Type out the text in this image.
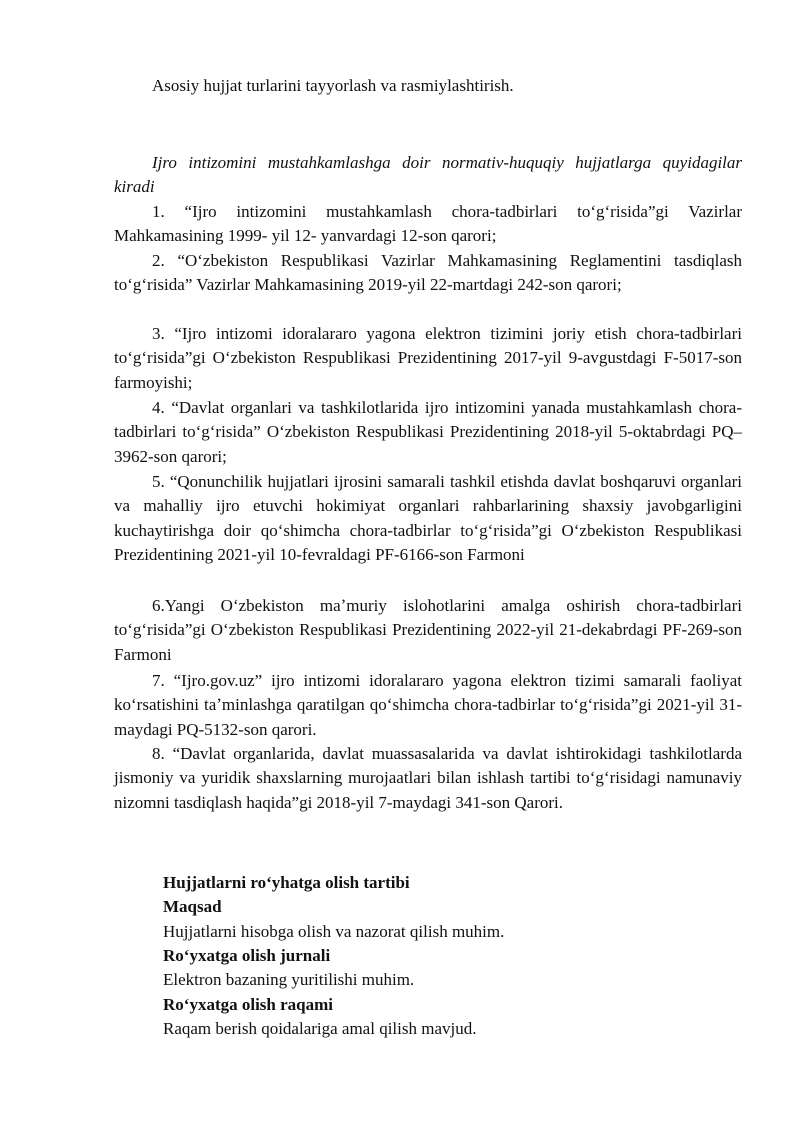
Asosiy hujjat turlarini tayyorlash va rasmiylashtirish.

Ijro intizomini mustahkamlashga doir normativ-huquqiy hujjatlarga quyidagilar kiradi

1. “Ijro intizomini mustahkamlash chora-tadbirlari toʻgʻrisida”gi Vazirlar Mahkamasining 1999- yil 12- yanvardagi 12-son qarori;

2. “Oʻzbekiston Respublikasi Vazirlar Mahkamasining Reglamentini tasdiqlash toʻgʻrisida” Vazirlar Mahkamasining 2019-yil 22-martdagi 242-son qarori;

3. “Ijro intizomi idoralararo yagona elektron tizimini joriy etish chora-tadbirlari toʻgʻrisida”gi Oʻzbekiston Respublikasi Prezidentining 2017-yil 9-avgustdagi F-5017-son farmoyishi;

4. “Davlat organlari va tashkilotlarida ijro intizomini yanada mustahkamlash chora-tadbirlari toʻgʻrisida” Oʻzbekiston Respublikasi Prezidentining 2018-yil 5-oktabrdagi PQ–3962-son qarori;

5. “Qonunchilik hujjatlari ijrosini samarali tashkil etishda davlat boshqaruvi organlari va mahalliy ijro etuvchi hokimiyat organlari rahbarlarining shaxsiy javobgarligini kuchaytirishga doir qoʻshimcha chora-tadbirlar toʻgʻrisida”gi Oʻzbekiston Respublikasi Prezidentining 2021-yil 10-fevraldagi PF-6166-son Farmoni

6.Yangi Oʻzbekiston maʼmuriy islohotlarini amalga oshirish chora-tadbirlari toʻgʻrisida”gi Oʻzbekiston Respublikasi Prezidentining 2022-yil 21-dekabrdagi PF-269-son Farmoni

7. “Ijro.gov.uz” ijro intizomi idoralararo yagona elektron tizimi samarali faoliyat koʻrsatishini taʼminlashga qaratilgan qoʻshimcha chora-tadbirlar toʻgʻrisida”gi 2021-yil 31-maydagi PQ-5132-son qarori.

8. “Davlat organlarida, davlat muassasalarida va davlat ishtirokidagi tashkilotlarda jismoniy va yuridik shaxslarning murojaatlari bilan ishlash tartibi toʻgʻrisidagi namunaviy nizomni tasdiqlash haqida”gi 2018-yil 7-maydagi 341-son Qarori.

Hujjatlarni roʻyhatga olish tartibi

Maqsad

Hujjatlarni hisobga olish va nazorat qilish muhim.

Roʻyxatga olish jurnali

Elektron bazaning yuritilishi muhim.

Roʻyxatga olish raqami

Raqam berish qoidalariga amal qilish mavjud.
